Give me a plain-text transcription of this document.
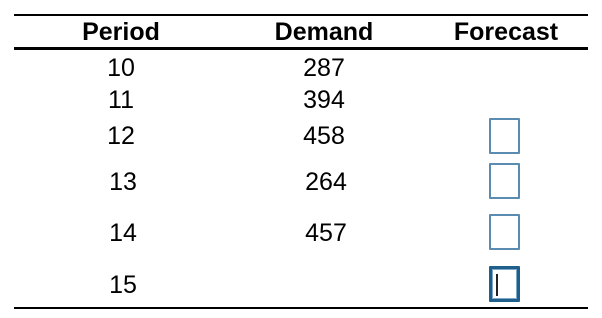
Period	Demand	Forecast
10	287
11	394
12	458
13	264
14	457
15
